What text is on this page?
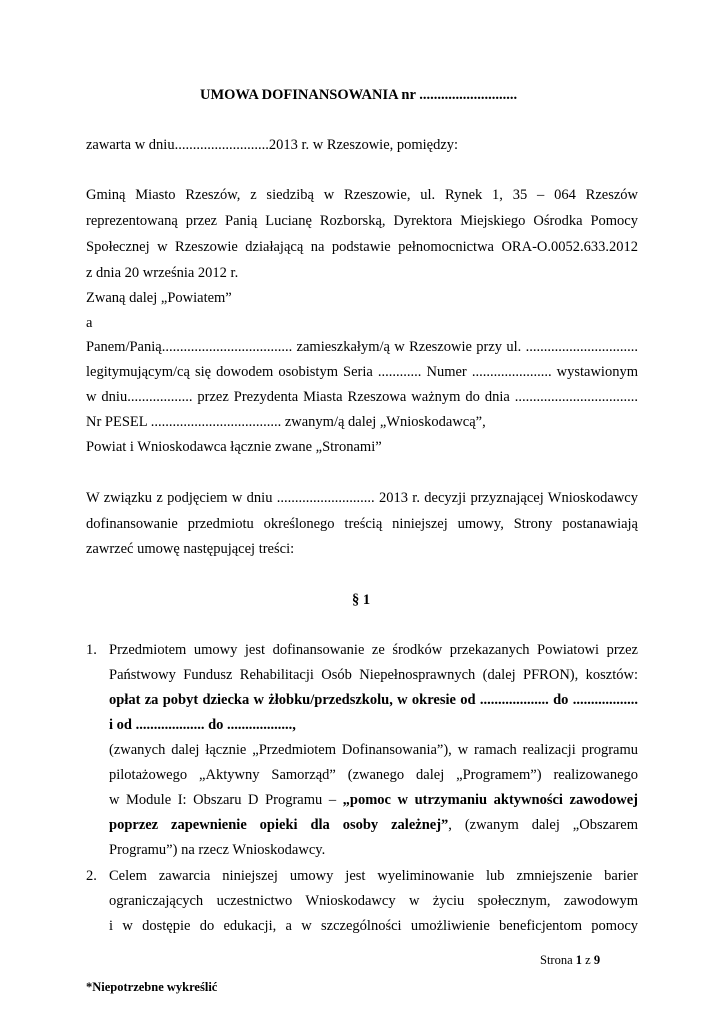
UMOWA DOFINANSOWANIA nr ...........................
zawarta w dniu..........................2013 r. w Rzeszowie, pomiędzy:
Gminą Miasto Rzeszów, z siedzibą w Rzeszowie, ul. Rynek 1, 35 – 064 Rzeszów
reprezentowaną przez Panią Lucianę Rozborską, Dyrektora Miejskiego Ośrodka Pomocy
Społecznej w Rzeszowie działającą na podstawie pełnomocnictwa ORA-O.0052.633.2012
z dnia 20 września 2012 r.
Zwaną dalej „Powiatem”
a
Panem/Panią.................................... zamieszkałym/ą w Rzeszowie przy ul. ...............................
legitymującym/cą się dowodem osobistym Seria ............ Numer ...................... wystawionym
w dniu.................. przez Prezydenta Miasta Rzeszowa ważnym do dnia ..................................
Nr PESEL .................................... zwanym/ą dalej „Wnioskodawcą”,
Powiat i Wnioskodawca łącznie zwane „Stronami”
W związku z podjęciem w dniu ........................... 2013 r. decyzji przyznającej Wnioskodawcy
dofinansowanie przedmiotu określonego treścią niniejszej umowy, Strony postanawiają
zawrzeć umowę następującej treści:
§ 1
1. Przedmiotem umowy jest dofinansowanie ze środków przekazanych Powiatowi przez
Państwowy Fundusz Rehabilitacji Osób Niepełnosprawnych (dalej PFRON), kosztów:
opłat za pobyt dziecka w żłobku/przedszkolu, w okresie od ................... do ..................
i od ................... do ..................,
(zwanych dalej łącznie „Przedmiotem Dofinansowania”), w ramach realizacji programu
pilotażowego „Aktywny Samorząd” (zwanego dalej „Programem”) realizowanego
w Module I: Obszaru D Programu – „pomoc w utrzymaniu aktywności zawodowej
poprzez zapewnienie opieki dla osoby zależnej”, (zwanym dalej „Obszarem
Programu”) na rzecz Wnioskodawcy.
2. Celem zawarcia niniejszej umowy jest wyeliminowanie lub zmniejszenie barier
ograniczających uczestnictwo Wnioskodawcy w życiu społecznym, zawodowym
i w dostępie do edukacji, a w szczególności umożliwienie beneficjentom pomocy
Strona 1 z 9
*Niepotrzebne wykreślić
